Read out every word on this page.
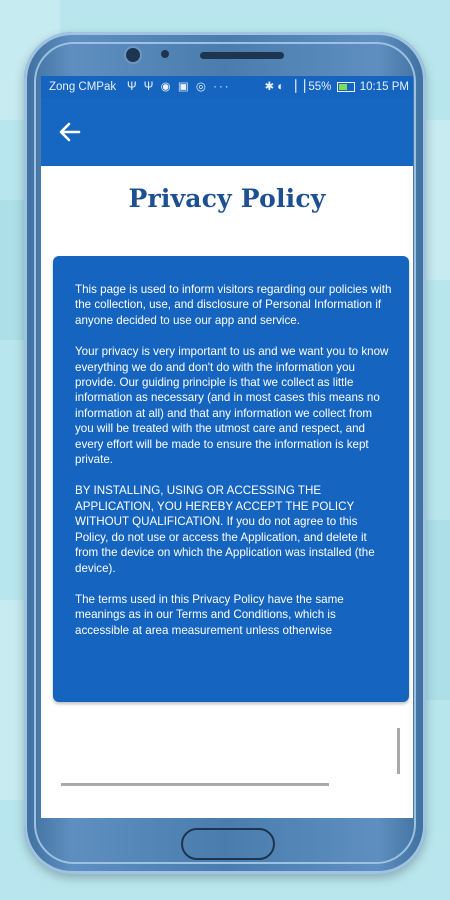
Zong CMPak Ψ Ψ ◉ ▣ ◎ ···	✱ ◐ ▕▕ 55% 10:15 PM
Privacy Policy

This page is used to inform visitors regarding our policies with the collection, use, and disclosure of Personal Information if anyone decided to use our app and service.

Your privacy is very important to us and we want you to know everything we do and don't do with the information you provide. Our guiding principle is that we collect as little information as necessary (and in most cases this means no information at all) and that any information we collect from you will be treated with the utmost care and respect, and every effort will be made to ensure the information is kept private.

BY INSTALLING, USING OR ACCESSING THE APPLICATION, YOU HEREBY ACCEPT THE POLICY WITHOUT QUALIFICATION. If you do not agree to this Policy, do not use or access the Application, and delete it from the device on which the Application was installed (the device).

The terms used in this Privacy Policy have the same meanings as in our Terms and Conditions, which is accessible at area measurement unless otherwise
